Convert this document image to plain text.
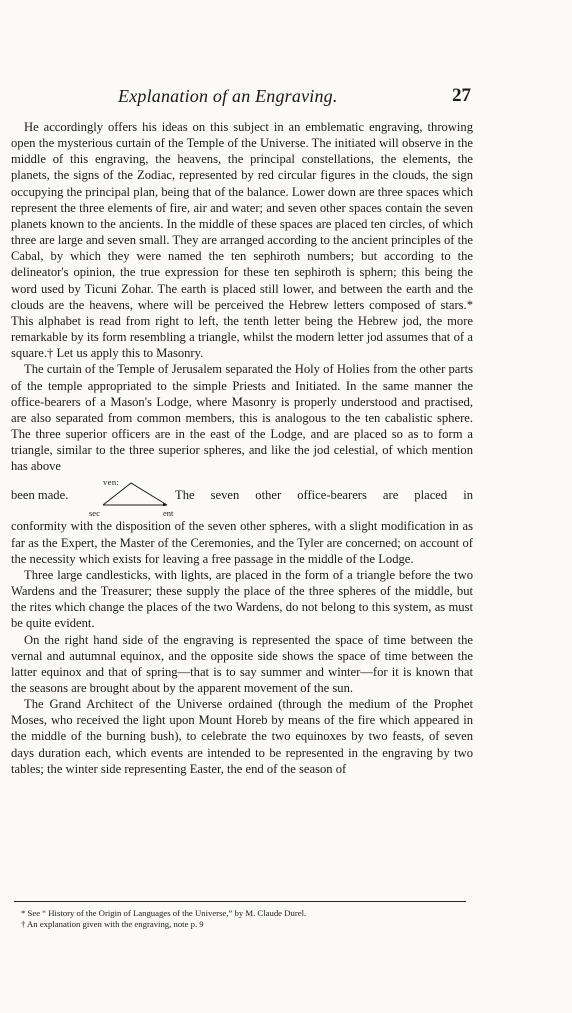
Explanation of an Engraving.	27

He accordingly offers his ideas on this subject in an emblematic engraving, throwing open the mysterious curtain of the Temple of the Universe. The initiated will observe in the middle of this engraving, the heavens, the principal constellations, the elements, the planets, the signs of the Zodiac, represented by red circular figures in the clouds, the sign occupying the principal plan, being that of the balance. Lower down are three spaces which represent the three elements of fire, air and water; and seven other spaces contain the seven planets known to the ancients. In the middle of these spaces are placed ten circles, of which three are large and seven small. They are arranged according to the ancient principles of the Cabal, by which they were named the ten sephiroth numbers; but according to the delineator's opinion, the true expression for these ten sephiroth is sphern; this being the word used by Ticuni Zohar. The earth is placed still lower, and between the earth and the clouds are the heavens, where will be perceived the Hebrew letters composed of stars.* This alphabet is read from right to left, the tenth letter being the Hebrew jod, the more remarkable by its form resembling a triangle, whilst the modern letter jod assumes that of a square.† Let us apply this to Masonry.

The curtain of the Temple of Jerusalem separated the Holy of Holies from the other parts of the temple appropriated to the simple Priests and Initiated. In the same manner the office-bearers of a Mason's Lodge, where Masonry is properly understood and practised, are also separated from common members, this is analogous to the ten cabalistic sphere. The three superior officers are in the east of the Lodge, and are placed so as to form a triangle, similar to the three superior spheres, and like the jod celestial, of which mention has above

ven:
been made.	The seven other office-bearers are placed in
sec	ent

conformity with the disposition of the seven other spheres, with a slight modification in as far as the Expert, the Master of the Ceremonies, and the Tyler are concerned; on account of the necessity which exists for leaving a free passage in the middle of the Lodge.

Three large candlesticks, with lights, are placed in the form of a triangle before the two Wardens and the Treasurer; these supply the place of the three spheres of the middle, but the rites which change the places of the two Wardens, do not belong to this system, as must be quite evident.

On the right hand side of the engraving is represented the space of time between the vernal and autumnal equinox, and the opposite side shows the space of time between the latter equinox and that of spring—that is to say summer and winter—for it is known that the seasons are brought about by the apparent movement of the sun.

The Grand Architect of the Universe ordained (through the medium of the Prophet Moses, who received the light upon Mount Horeb by means of the fire which appeared in the middle of the burning bush), to celebrate the two equinoxes by two feasts, of seven days duration each, which events are intended to be represented in the engraving by two tables; the winter side representing Easter, the end of the season of

* See “ History of the Origin of Languages of the Universe,” by M. Claude Durel.
† An explanation given with the engraving, note p. 9
